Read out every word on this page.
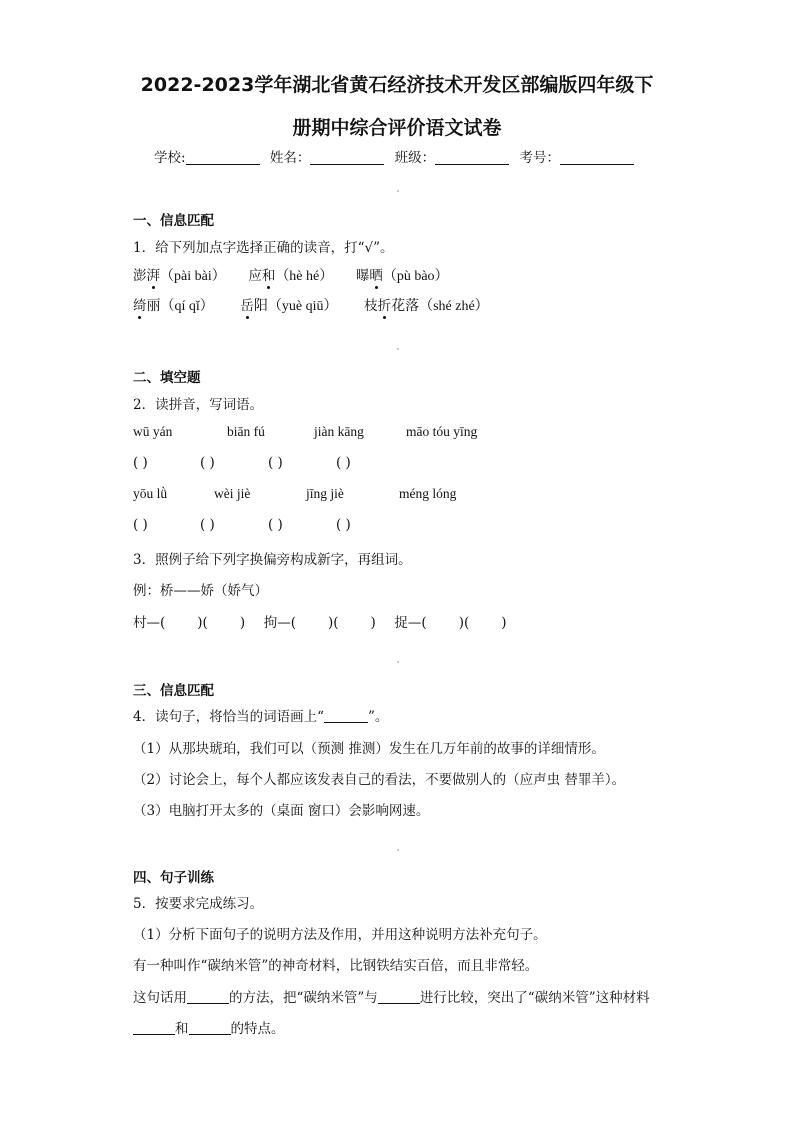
2022-2023学年湖北省黄石经济技术开发区部编版四年级下
册期中综合评价语文试卷
学校:	姓名：	班级：	考号：
一、信息匹配
1．给下列加点字选择正确的读音，打“√”。
澎湃（pài bài） 应和（hè hé） 曝晒（pù bào）
绮丽（qí qǐ） 岳阳（yuè qiū） 枝折花落（shé zhé）
二、填空题
2．读拼音，写词语。
wū yán	biān fú	jiàn kāng	māo tóu yīng
( )	( )	( )	( )
yōu lǜ	wèi jiè	jīng jiè	méng lóng
( )	( )	( )	( )
3．照例子给下列字换偏旁构成新字，再组词。
例：桥——娇（娇气）
村—( )( ) 拘—( )( ) 捉—( )( )
三、信息匹配
4．读句子，将恰当的词语画上“	”。
（1）从那块琥珀，我们可以（预测 推测）发生在几万年前的故事的详细情形。
（2）讨论会上，每个人都应该发表自己的看法，不要做别人的（应声虫 替罪羊）。
（3）电脑打开太多的（桌面 窗口）会影响网速。
四、句子训练
5．按要求完成练习。
（1）分析下面句子的说明方法及作用，并用这种说明方法补充句子。
有一种叫作“碳纳米管”的神奇材料，比钢铁结实百倍，而且非常轻。
这句话用	的方法，把“碳纳米管”与	进行比较，突出了“碳纳米管”这种材料
和	的特点。
